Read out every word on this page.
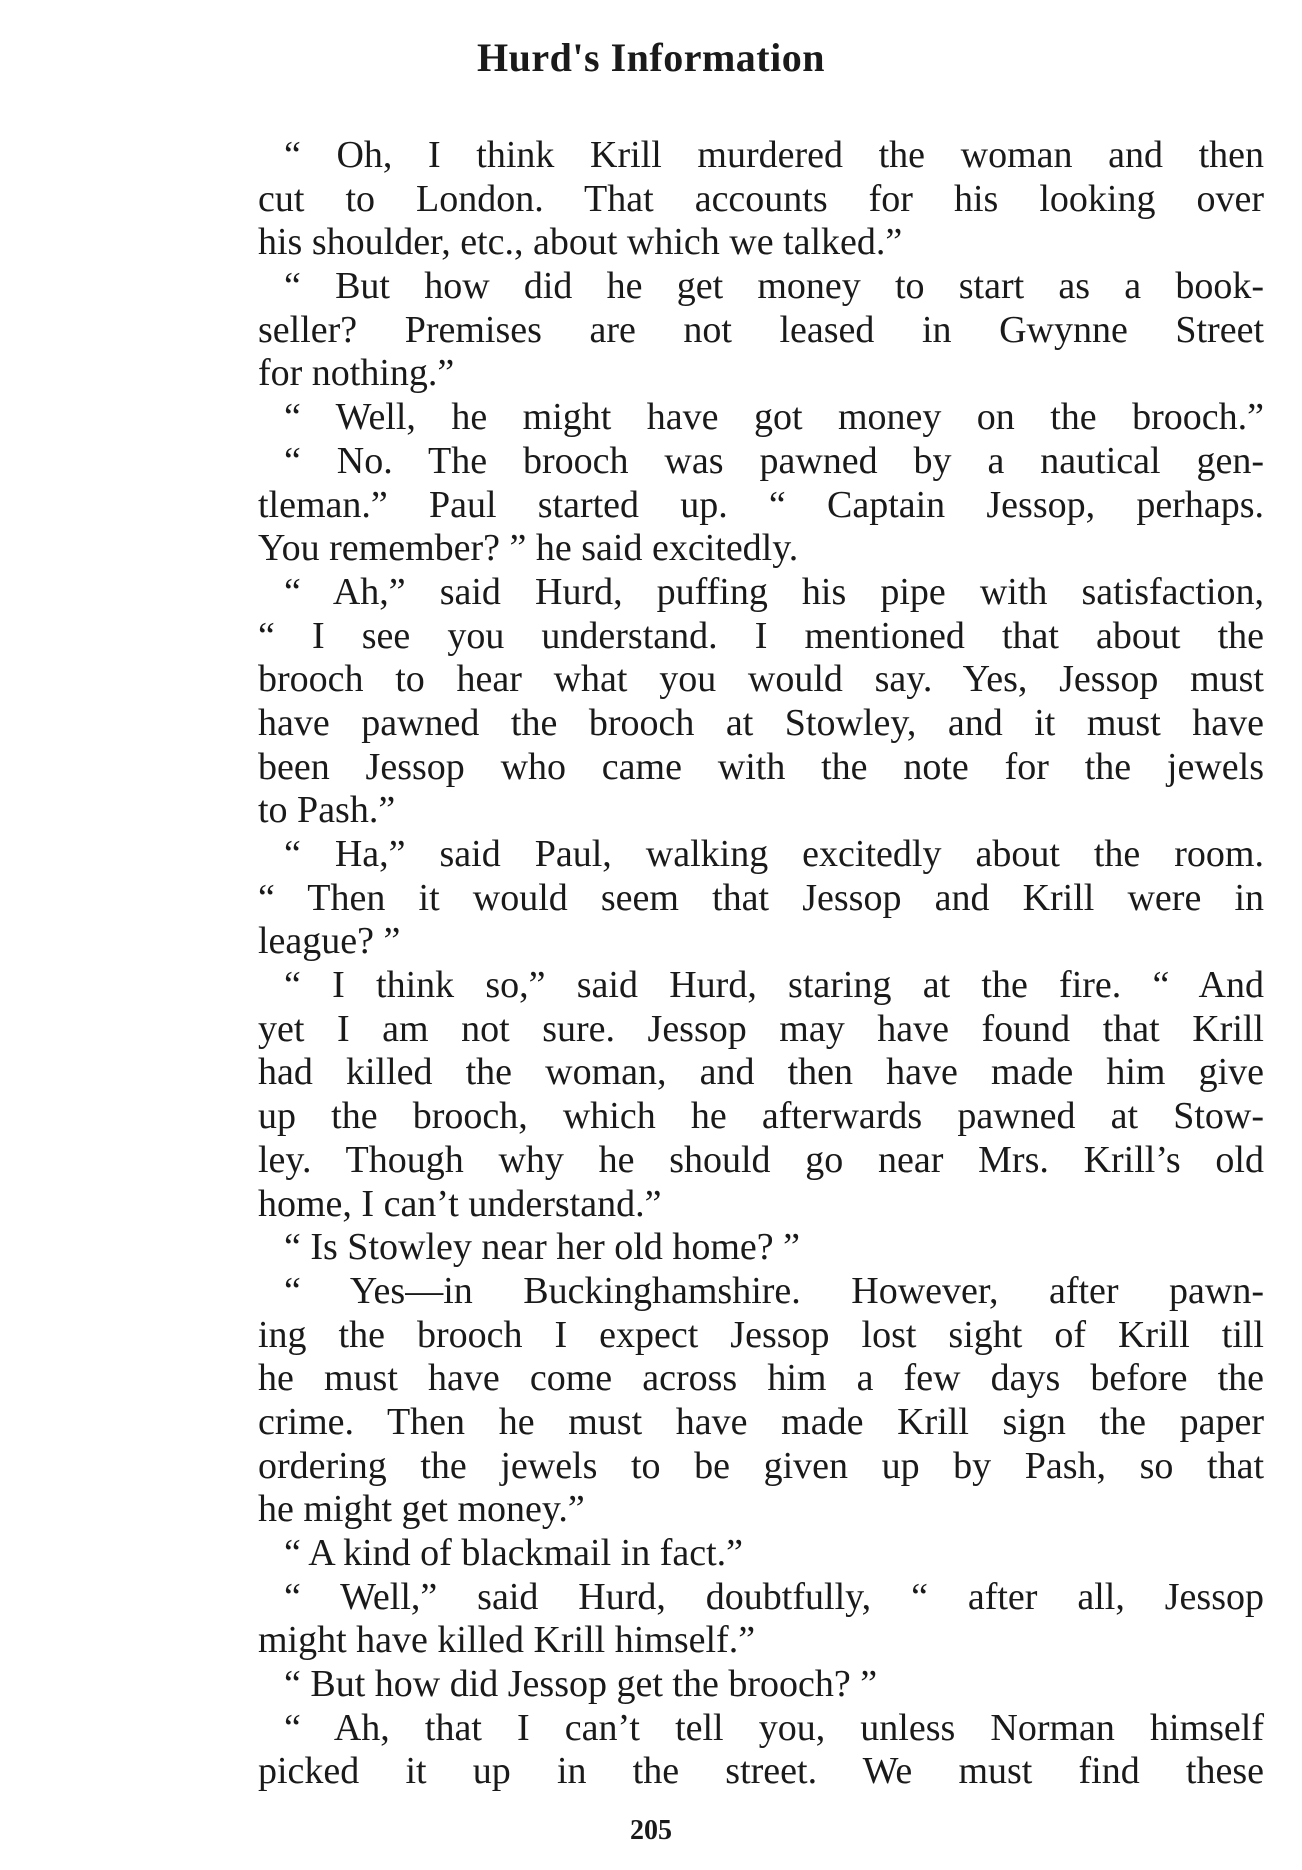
Hurd's Information
“ Oh, I think Krill murdered the woman and then
cut to London. That accounts for his looking over
his shoulder, etc., about which we talked.”
“ But how did he get money to start as a book-
seller? Premises are not leased in Gwynne Street
for nothing.”
“ Well, he might have got money on the brooch.”
“ No. The brooch was pawned by a nautical gen-
tleman.” Paul started up. “ Captain Jessop, perhaps.
You remember? ” he said excitedly.
“ Ah,” said Hurd, puffing his pipe with satisfaction,
“ I see you understand. I mentioned that about the
brooch to hear what you would say. Yes, Jessop must
have pawned the brooch at Stowley, and it must have
been Jessop who came with the note for the jewels
to Pash.”
“ Ha,” said Paul, walking excitedly about the room.
“ Then it would seem that Jessop and Krill were in
league? ”
“ I think so,” said Hurd, staring at the fire. “ And
yet I am not sure. Jessop may have found that Krill
had killed the woman, and then have made him give
up the brooch, which he afterwards pawned at Stow-
ley. Though why he should go near Mrs. Krill’s old
home, I can’t understand.”
“ Is Stowley near her old home? ”
“ Yes—in Buckinghamshire. However, after pawn-
ing the brooch I expect Jessop lost sight of Krill till
he must have come across him a few days before the
crime. Then he must have made Krill sign the paper
ordering the jewels to be given up by Pash, so that
he might get money.”
“ A kind of blackmail in fact.”
“ Well,” said Hurd, doubtfully, “ after all, Jessop
might have killed Krill himself.”
“ But how did Jessop get the brooch? ”
“ Ah, that I can’t tell you, unless Norman himself
picked it up in the street. We must find these
205
